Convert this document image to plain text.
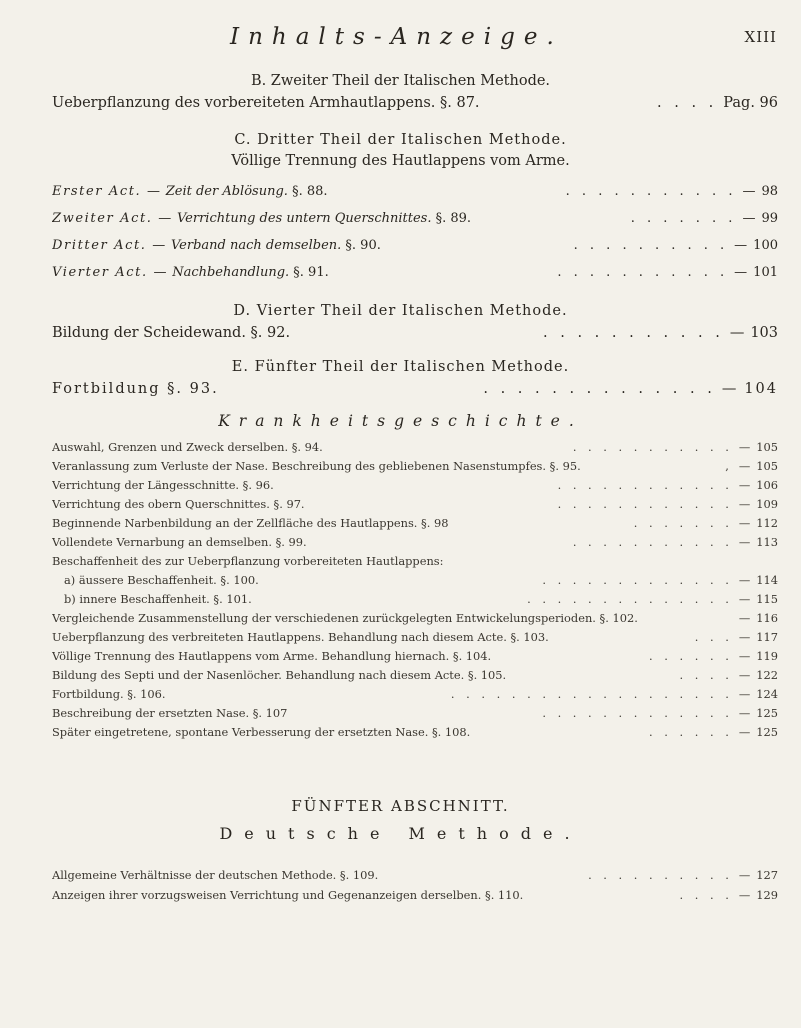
Inhalts-Anzeige.	XIII
B. Zweiter Theil der Italischen Methode.
Ueberpflanzung des vorbereiteten Armhautlappens. §. 87.	. . . . Pag. 96
C. Dritter Theil der Italischen Methode.
Völlige Trennung des Hautlappens vom Arme.
Erster Act. — Zeit der Ablösung. §. 88.	. . . . . . . . . . . — 98
Zweiter Act. — Verrichtung des untern Querschnittes. §. 89.	. . . . . . . — 99
Dritter Act. — Verband nach demselben. §. 90.	. . . . . . . . . . — 100
Vierter Act. — Nachbehandlung. §. 91.	. . . . . . . . . . . — 101
D. Vierter Theil der Italischen Methode.
Bildung der Scheidewand. §. 92.	. . . . . . . . . . . — 103
E. Fünfter Theil der Italischen Methode.
Fortbildung §. 93.	. . . . . . . . . . . . . . — 104
Krankheitsgeschichte.
Auswahl, Grenzen und Zweck derselben. §. 94.	. . . . . . . . . . . — 105
Veranlassung zum Verluste der Nase. Beschreibung des gebliebenen Nasenstumpfes. §. 95.	, — 105
Verrichtung der Längesschnitte. §. 96.	. . . . . . . . . . . . — 106
Verrichtung des obern Querschnittes. §. 97.	. . . . . . . . . . . . — 109
Beginnende Narbenbildung an der Zellfläche des Hautlappens. §. 98	. . . . . . . — 112
Vollendete Vernarbung an demselben. §. 99.	. . . . . . . . . . . — 113
Beschaffenheit des zur Ueberpflanzung vorbereiteten Hautlappens:
a) äussere Beschaffenheit. §. 100.	. . . . . . . . . . . . . — 114
b) innere Beschaffenheit. §. 101.	. . . . . . . . . . . . . . — 115
Vergleichende Zusammenstellung der verschiedenen zurückgelegten Entwickelungsperioden. §. 102.	— 116
Ueberpflanzung des verbreiteten Hautlappens. Behandlung nach diesem Acte. §. 103.	. . . — 117
Völlige Trennung des Hautlappens vom Arme. Behandlung hiernach. §. 104.	. . . . . . — 119
Bildung des Septi und der Nasenlöcher. Behandlung nach diesem Acte. §. 105.	. . . . — 122
Fortbildung. §. 106.	. . . . . . . . . . . . . . . . . . . — 124
Beschreibung der ersetzten Nase. §. 107	. . . . . . . . . . . . . — 125
Später eingetretene, spontane Verbesserung der ersetzten Nase. §. 108.	. . . . . . — 125
FÜNFTER ABSCHNITT.
Deutsche Methode.
Allgemeine Verhältnisse der deutschen Methode. §. 109.	. . . . . . . . . . — 127
Anzeigen ihrer vorzugsweisen Verrichtung und Gegenanzeigen derselben. §. 110.	. . . . — 129
